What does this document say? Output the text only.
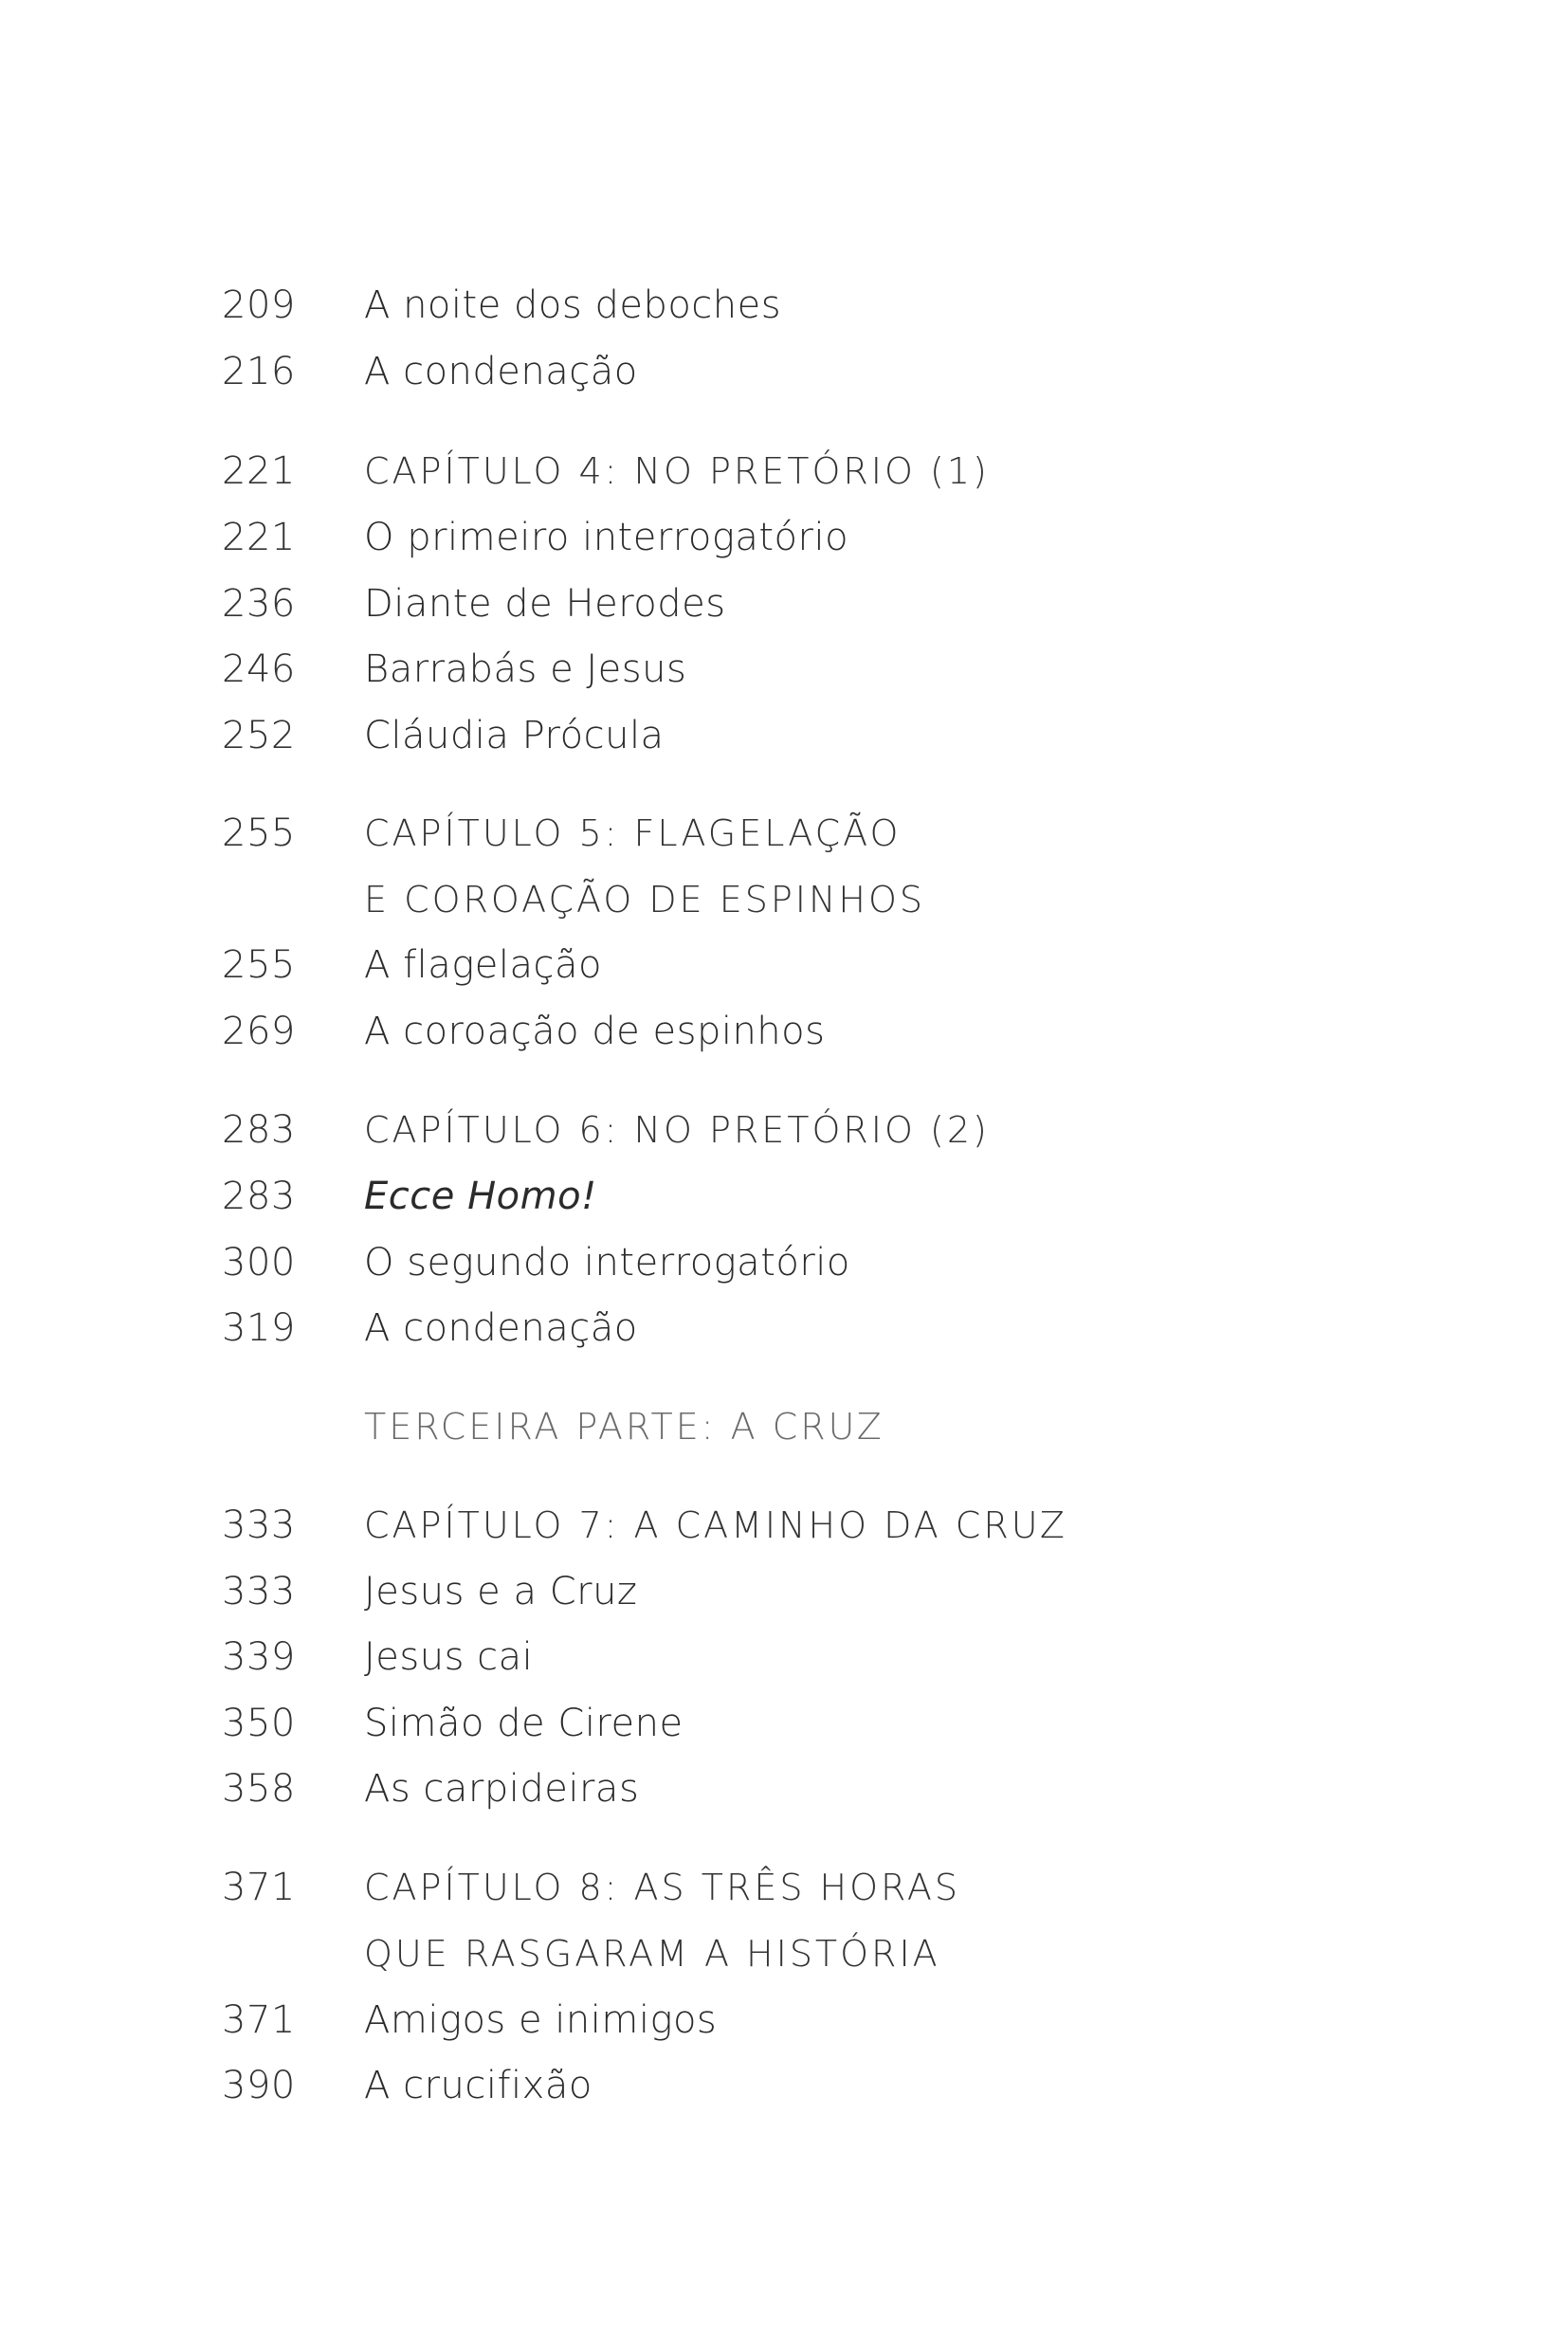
209	A noite dos deboches
216	A condenação
221	CAPÍTULO 4: NO PRETÓRIO (1)
221	O primeiro interrogatório
236	Diante de Herodes
246	Barrabás e Jesus
252	Cláudia Prócula
255	CAPÍTULO 5: FLAGELAÇÃO
E COROAÇÃO DE ESPINHOS
255	A flagelação
269	A coroação de espinhos
283	CAPÍTULO 6: NO PRETÓRIO (2)
283	Ecce Homo!
300	O segundo interrogatório
319	A condenação
TERCEIRA PARTE: A CRUZ
333	CAPÍTULO 7: A CAMINHO DA CRUZ
333	Jesus e a Cruz
339	Jesus cai
350	Simão de Cirene
358	As carpideiras
371	CAPÍTULO 8: AS TRÊS HORAS
QUE RASGARAM A HISTÓRIA
371	Amigos e inimigos
390	A crucifixão
